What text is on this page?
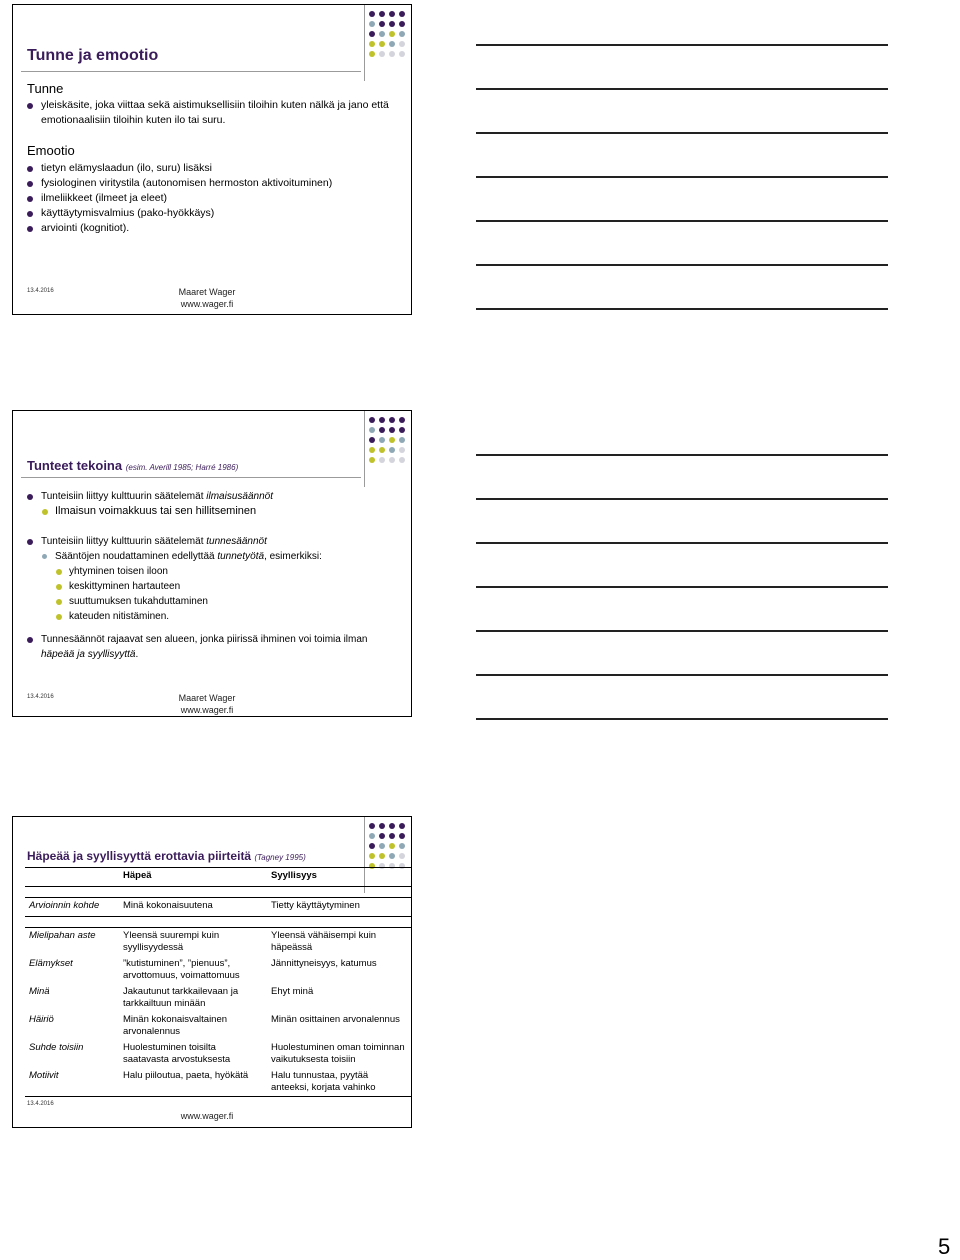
Tunne ja emootio
Tunne
yleiskäsite, joka viittaa sekä aistimuksellisiin tiloihin kuten nälkä ja jano että emotionaalisiin tiloihin kuten ilo tai suru.
Emootio
tietyn elämyslaadun (ilo, suru) lisäksi
fysiologinen viritystila (autonomisen hermoston aktivoituminen)
ilmeliikkeet (ilmeet ja eleet)
käyttäytymisvalmius (pako-hyökkäys)
arviointi (kognitiot).
13.4.2016	Maaret Wager
www.wager.fi
Tunteet tekoina (esim. Averill 1985; Harré 1986)
Tunteisiin liittyy kulttuurin säätelemät ilmaisusäännöt
Ilmaisun voimakkuus tai sen hillitseminen
Tunteisiin liittyy kulttuurin säätelemät tunnesäännöt
Sääntöjen noudattaminen edellyttää tunnetyötä, esimerkiksi:
yhtyminen toisen iloon
keskittyminen hartauteen
suuttumuksen tukahduttaminen
kateuden nitistäminen.
Tunnesäännöt rajaavat sen alueen, jonka piirissä ihminen voi toimia ilman häpeää ja syyllisyyttä.
13.4.2016	Maaret Wager
www.wager.fi
Häpeää ja syyllisyyttä erottavia piirteitä (Tagney 1995)
	Häpeä	Syyllisyys

Arvioinnin kohde	Minä kokonaisuutena	Tietty käyttäytyminen

Mielipahan aste	Yleensä suurempi kuin syyllisyydessä	Yleensä vähäisempi kuin häpeässä
Elämykset	”kutistuminen”, ”pienuus”, arvottomuus, voimattomuus	Jännittyneisyys, katumus
Minä	Jakautunut tarkkailevaan ja tarkkailtuun minään	Ehyt minä
Häiriö	Minän kokonaisvaltainen arvonalennus	Minän osittainen arvonalennus
Suhde toisiin	Huolestuminen toisilta saatavasta arvostuksesta	Huolestuminen oman toiminnan vaikutuksesta toisiin
Motiivit	Halu piiloutua, paeta, hyökätä	Halu tunnustaa, pyytää anteeksi, korjata vahinko
13.4.2016
www.wager.fi
5
